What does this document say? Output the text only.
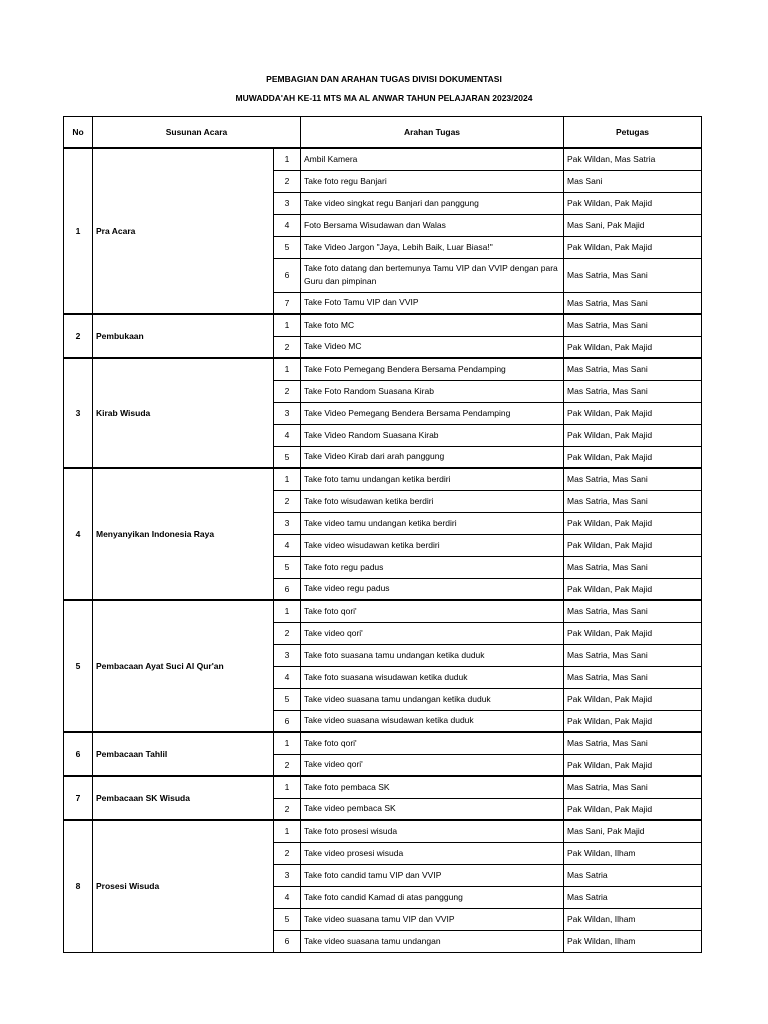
PEMBAGIAN DAN ARAHAN TUGAS DIVISI DOKUMENTASI
MUWADDA'AH KE-11 MTS MA AL ANWAR TAHUN PELAJARAN 2023/2024
No	Susunan Acara		Arahan Tugas	Petugas
1	Pra Acara	1	Ambil Kamera	Pak Wildan, Mas Satria
		2	Take foto regu Banjari	Mas Sani
		3	Take video singkat regu Banjari dan panggung	Pak Wildan, Pak Majid
		4	Foto Bersama Wisudawan dan Walas	Mas Sani, Pak Majid
		5	Take Video Jargon "Jaya, Lebih Baik, Luar Biasa!"	Pak Wildan, Pak Majid
		6	Take foto datang dan bertemunya Tamu VIP dan VVIP dengan para Guru dan pimpinan	Mas Satria, Mas Sani
		7	Take Foto Tamu VIP dan VVIP	Mas Satria, Mas Sani
2	Pembukaan	1	Take foto MC	Mas Satria, Mas Sani
		2	Take Video MC	Pak Wildan, Pak Majid
3	Kirab Wisuda	1	Take Foto Pemegang Bendera Bersama Pendamping	Mas Satria, Mas Sani
		2	Take Foto Random Suasana Kirab	Mas Satria, Mas Sani
		3	Take Video Pemegang Bendera Bersama Pendamping	Pak Wildan, Pak Majid
		4	Take Video Random Suasana Kirab	Pak Wildan, Pak Majid
		5	Take Video Kirab dari arah panggung	Pak Wildan, Pak Majid
4	Menyanyikan Indonesia Raya	1	Take foto tamu undangan ketika berdiri	Mas Satria, Mas Sani
		2	Take foto wisudawan ketika berdiri	Mas Satria, Mas Sani
		3	Take video tamu undangan ketika berdiri	Pak Wildan, Pak Majid
		4	Take video wisudawan ketika berdiri	Pak Wildan, Pak Majid
		5	Take foto regu padus	Mas Satria, Mas Sani
		6	Take video regu padus	Pak Wildan, Pak Majid
5	Pembacaan Ayat Suci Al Qur'an	1	Take foto qori'	Mas Satria, Mas Sani
		2	Take video qori'	Pak Wildan, Pak Majid
		3	Take foto suasana tamu undangan ketika duduk	Mas Satria, Mas Sani
		4	Take foto suasana wisudawan ketika duduk	Mas Satria, Mas Sani
		5	Take video suasana tamu undangan ketika duduk	Pak Wildan, Pak Majid
		6	Take video suasana wisudawan ketika duduk	Pak Wildan, Pak Majid
6	Pembacaan Tahlil	1	Take foto qori'	Mas Satria, Mas Sani
		2	Take video qori'	Pak Wildan, Pak Majid
7	Pembacaan SK Wisuda	1	Take foto pembaca SK	Mas Satria, Mas Sani
		2	Take video pembaca SK	Pak Wildan, Pak Majid
8	Prosesi Wisuda	1	Take foto prosesi wisuda	Mas Sani, Pak Majid
		2	Take video prosesi wisuda	Pak Wildan, Ilham
		3	Take foto candid tamu VIP dan VVIP	Mas Satria
		4	Take foto candid Kamad di atas panggung	Mas Satria
		5	Take video suasana tamu VIP dan VVIP	Pak Wildan, Ilham
		6	Take video suasana tamu undangan	Pak Wildan, Ilham
